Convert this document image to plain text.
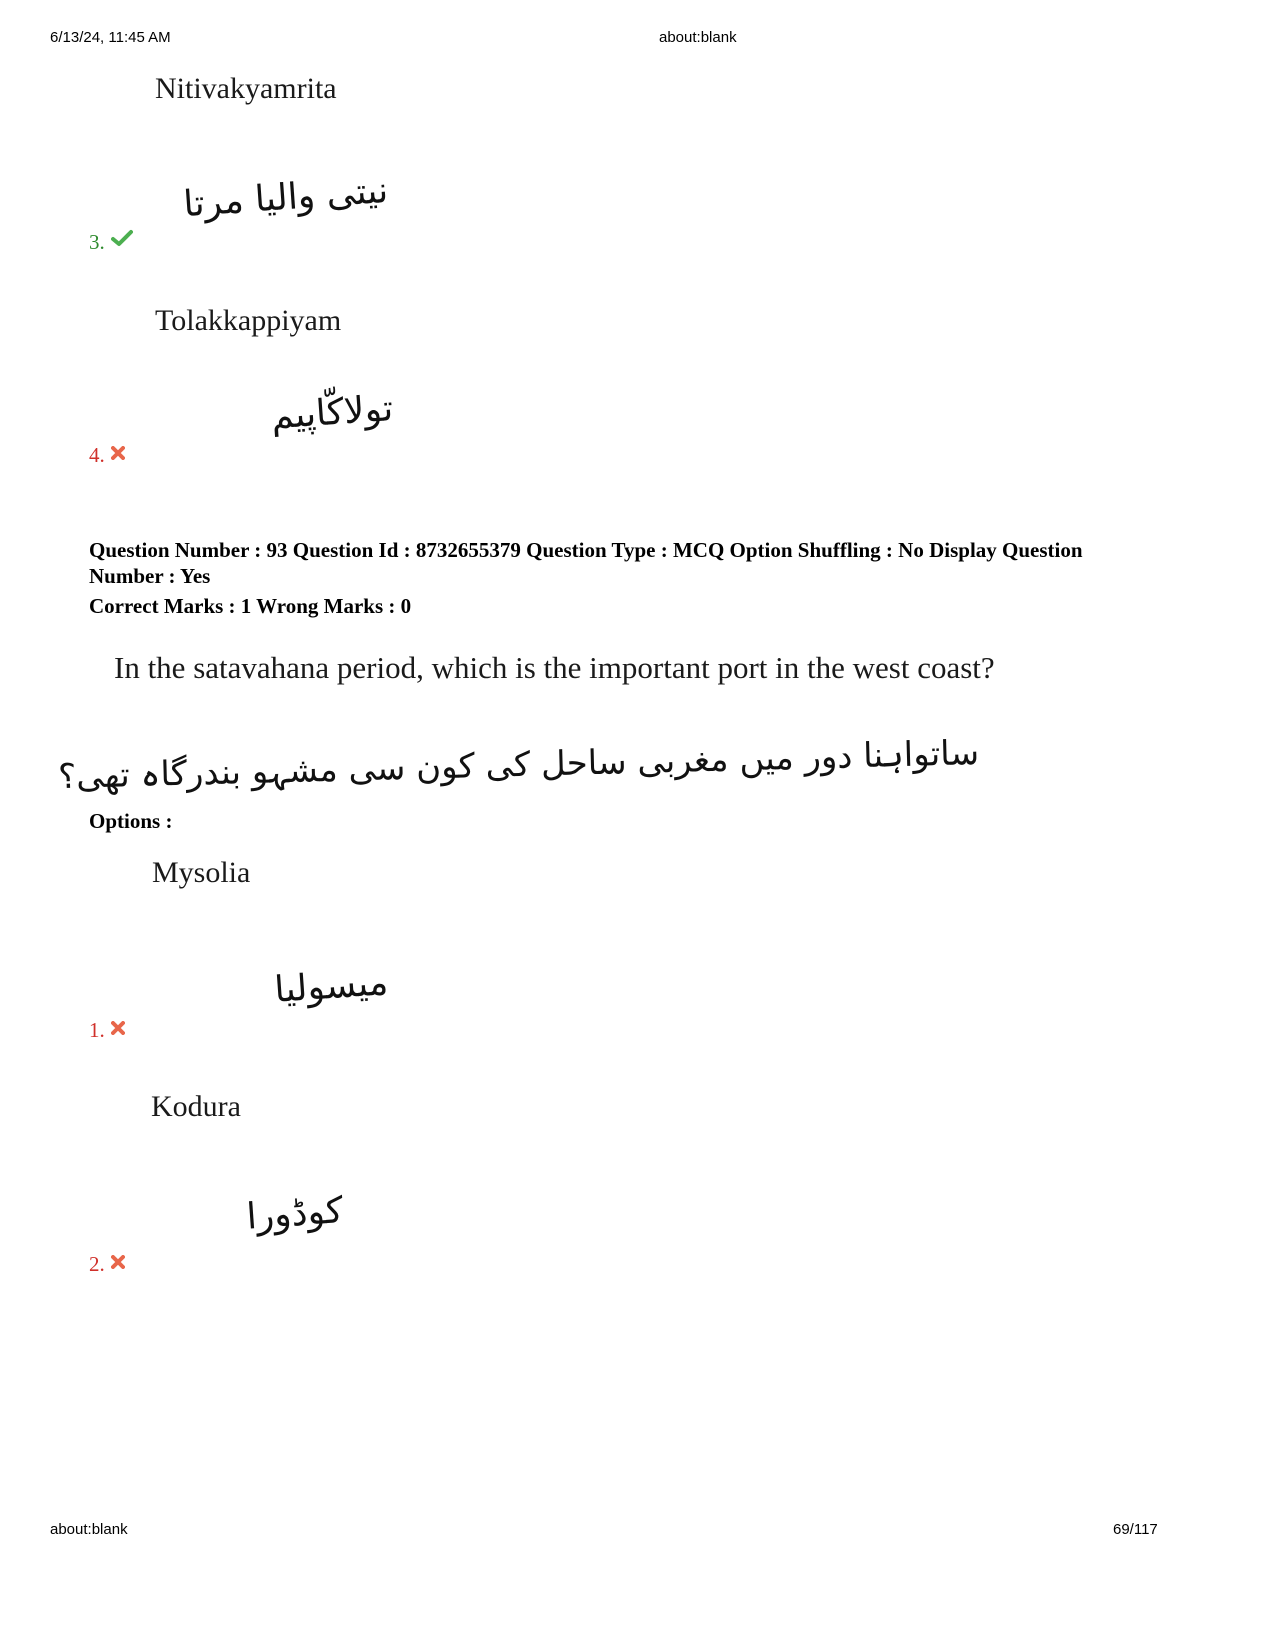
6/13/24, 11:45 AM	about:blank
Nitivakyamrita
نیتی والیا مرتا
3.
Tolakkappiyam
تولاکّاپیم
4.
Question Number : 93 Question Id : 8732655379 Question Type : MCQ Option Shuffling : No Display Question
Number : Yes
Correct Marks : 1 Wrong Marks : 0
In the satavahana period, which is the important port in the west coast?
ساتواہنا دور میں مغربی ساحل کی کون سی مشہو بندرگاہ تھی؟
Options :
Mysolia
میسولیا
1.
Kodura
کوڈورا
2.
about:blank	69/117
